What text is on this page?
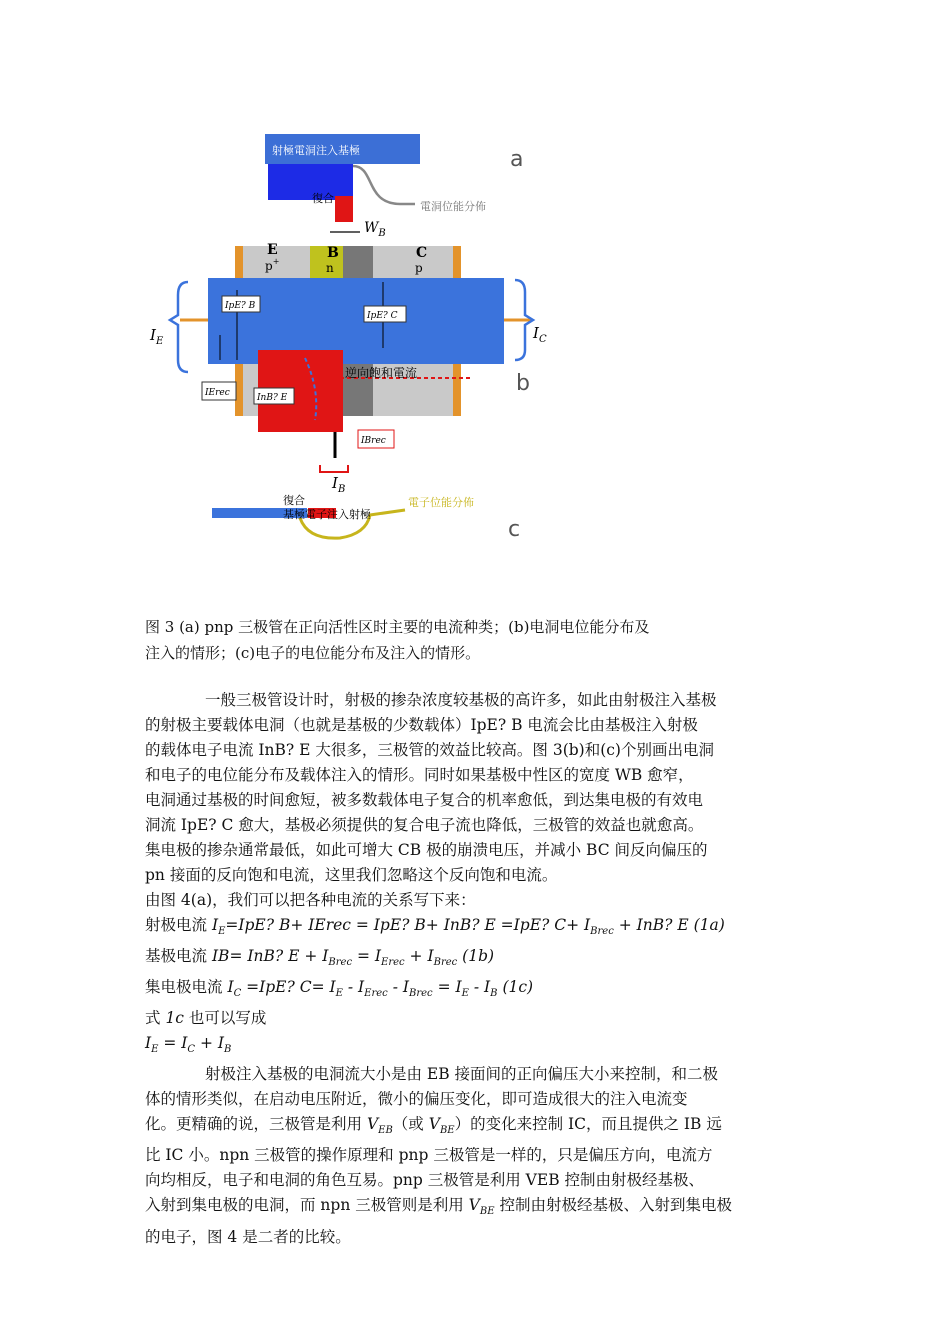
射極電洞注入基極
復合
電洞位能分佈
$W_B$
a
E	B	C
p+	n	p
IpE? B
IpE? C
IErec	InB? E
IBrec
逆向飽和電流
$I_E$	$I_C$
$I_B$
b
復合
基極電子注入射極
電子位能分佈
c
图 3 (a) pnp 三极管在正向活性区时主要的电流种类；(b)电洞电位能分布及
注入的情形；(c)电子的电位能分布及注入的情形。

一般三极管设计时，射极的掺杂浓度较基极的高许多，如此由射极注入基极

的射极主要载体电洞（也就是基极的少数载体）IpE? B 电流会比由基极注入射极

的载体电子电流 InB? E 大很多，三极管的效益比较高。图 3(b)和(c)个别画出电洞

和电子的电位能分布及载体注入的情形。同时如果基极中性区的宽度 WB 愈窄，

电洞通过基极的时间愈短，被多数载体电子复合的机率愈低，到达集电极的有效电

洞流 IpE? C 愈大，基极必须提供的复合电子流也降低，三极管的效益也就愈高。

集电极的掺杂通常最低，如此可增大 CB 极的崩溃电压，并减小 BC 间反向偏压的

pn 接面的反向饱和电流，这里我们忽略这个反向饱和电流。

由图 4(a)，我们可以把各种电流的关系写下来：

射极电流 $I_E=IpE$? B+ IErec = IpE? B+ InB? E =IpE? $C+ I_{Brec}$ + InB? E (1a)

基极电流 IB= InB? $E + I_{Brec} = I_{Erec} + I_{Brec}$ (1b)

集电极电流 $I_C =IpE$? $C= I_E - I_{Erec} - I_{Brec} = I_E - I_B$ (1c)

式 1c 也可以写成

$I_E = I_C + I_B$

射极注入基极的电洞流大小是由 EB 接面间的正向偏压大小来控制，和二极

体的情形类似，在启动电压附近，微小的偏压变化，即可造成很大的注入电流变

化。更精确的说，三极管是利用 $V_{EB}$（或 $V_{BE}$）的变化来控制 IC，而且提供之 IB 远

比 IC 小。npn 三极管的操作原理和 pnp 三极管是一样的，只是偏压方向，电流方

向均相反，电子和电洞的角色互易。pnp 三极管是利用 VEB 控制由射极经基极、

入射到集电极的电洞，而 npn 三极管则是利用 $V_{BE}$ 控制由射极经基极、入射到集电极

的电子，图 4 是二者的比较。
